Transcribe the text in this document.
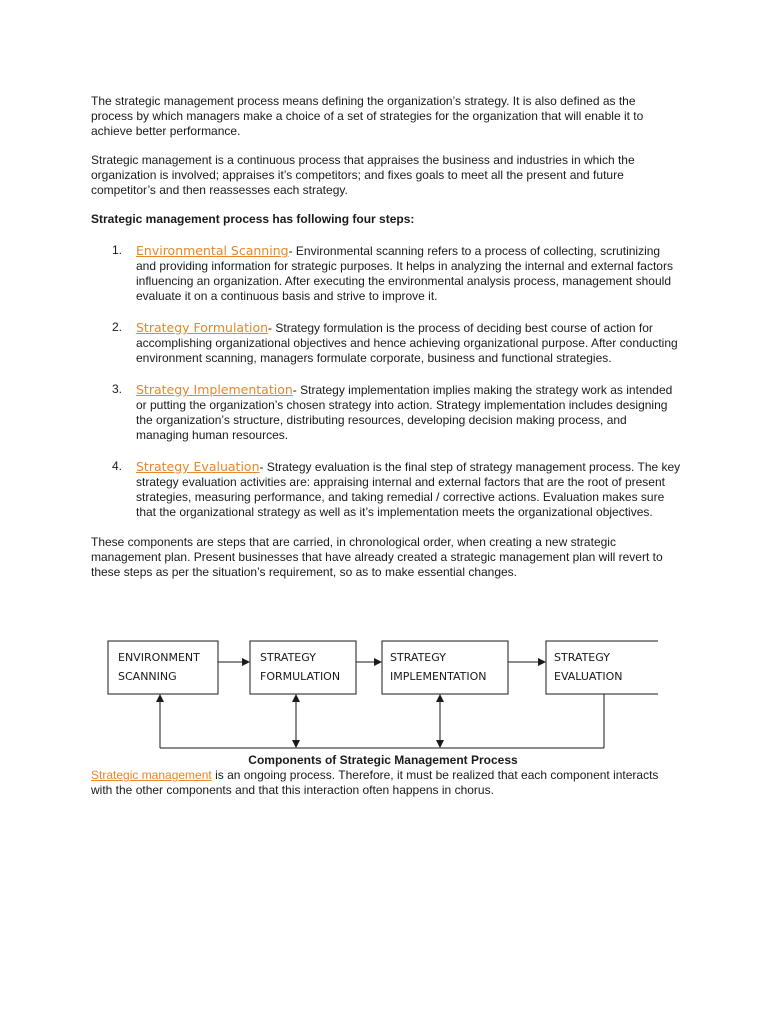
The strategic management process means defining the organization’s strategy. It is also defined as the process by which managers make a choice of a set of strategies for the organization that will enable it to achieve better performance.

Strategic management is a continuous process that appraises the business and industries in which the organization is involved; appraises it’s competitors; and fixes goals to meet all the present and future competitor’s and then reassesses each strategy.

Strategic management process has following four steps:

1. Environmental Scanning- Environmental scanning refers to a process of collecting, scrutinizing and providing information for strategic purposes. It helps in analyzing the internal and external factors influencing an organization. After executing the environmental analysis process, management should evaluate it on a continuous basis and strive to improve it.
2. Strategy Formulation- Strategy formulation is the process of deciding best course of action for accomplishing organizational objectives and hence achieving organizational purpose. After conducting environment scanning, managers formulate corporate, business and functional strategies.
3. Strategy Implementation- Strategy implementation implies making the strategy work as intended or putting the organization’s chosen strategy into action. Strategy implementation includes designing the organization’s structure, distributing resources, developing decision making process, and managing human resources.
4. Strategy Evaluation- Strategy evaluation is the final step of strategy management process. The key strategy evaluation activities are: appraising internal and external factors that are the root of present strategies, measuring performance, and taking remedial / corrective actions. Evaluation makes sure that the organizational strategy as well as it’s implementation meets the organizational objectives.

These components are steps that are carried, in chronological order, when creating a new strategic management plan. Present businesses that have already created a strategic management plan will revert to these steps as per the situation’s requirement, so as to make essential changes.

ENVIRONMENT
SCANNING
STRATEGY
FORMULATION
STRATEGY
IMPLEMENTATION
STRATEGY
EVALUATION
Components of Strategic Management Process

Strategic management is an ongoing process. Therefore, it must be realized that each component interacts with the other components and that this interaction often happens in chorus.
